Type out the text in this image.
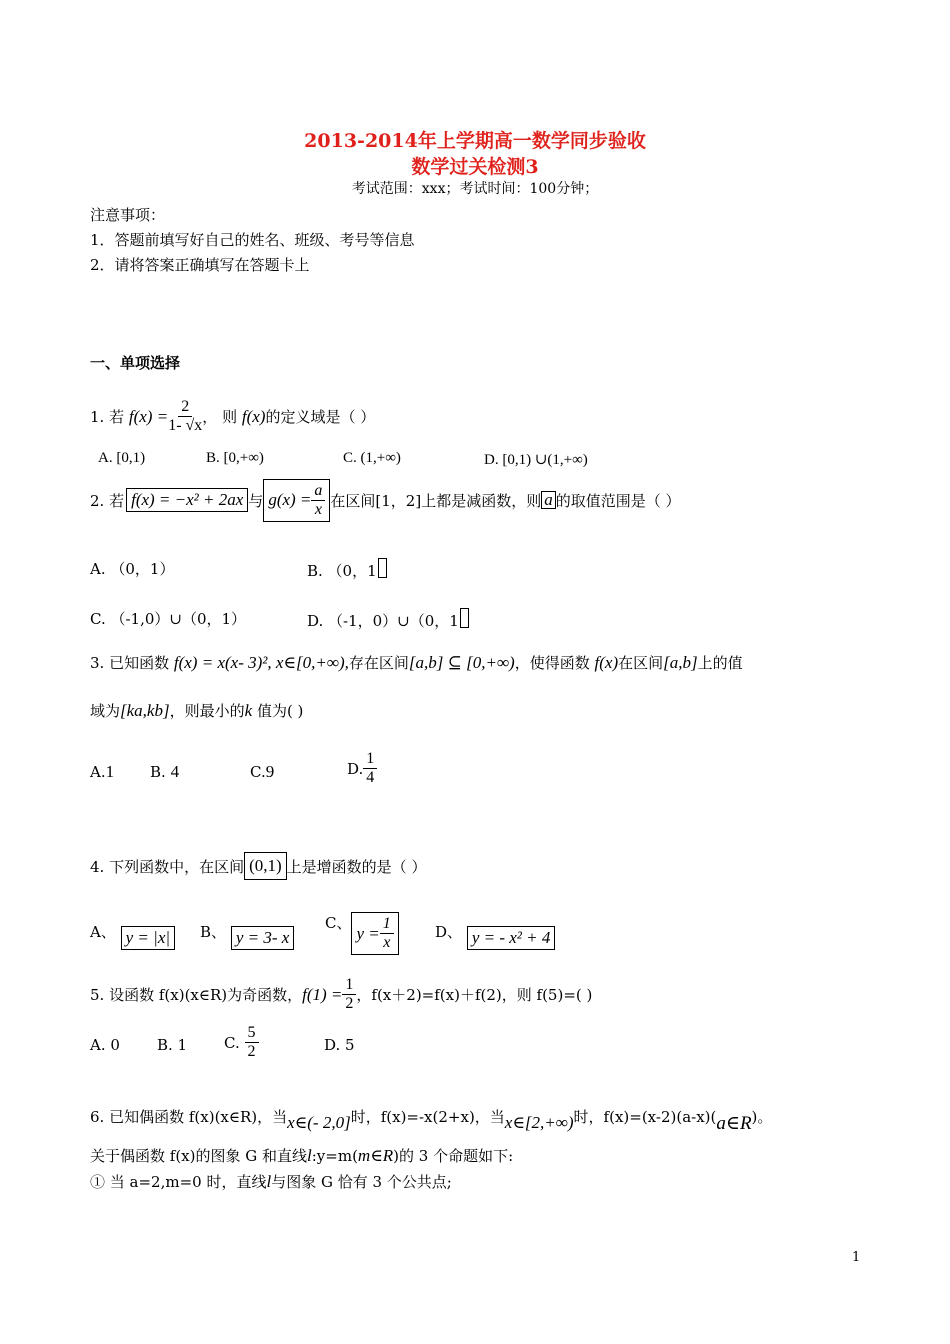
2013-2014年上学期高一数学同步验收
数学过关检测3
考试范围：xxx；考试时间：100分钟；
注意事项：
1．答题前填写好自己的姓名、班级、考号等信息
2．请将答案正确填写在答题卡上
一、单项选择
1. 若
$f(x) = \frac{2}{1- √x}$ ， 则
f(x) 的定义域是（ ）
A. [0,1)	B. [0,+∞)	C. (1,+∞)	D. [0,1) ∪(1,+∞)
2. 若 f(x) = −x² + 2ax 与 $g(x) = \frac{a}{x}$ 在区间[1，2]上都是减函数，则 a 的取值范围是（ ）
A. （0，1）	B. （0，1
C. （-1,0）∪（0，1）	D. （-1，0）∪（0，1
3. 已知函数
f(x) = x(x- 3)², x∈[0,+∞), 存在区间 [a,b] ⊆ [0,+∞) ，使得函数
f(x) 在区间 [a,b] 上的值
域为 [ka,kb] ，则最小的 k
值为( )
A.1 B. 4	C.9	D. $\frac{1}{4}$
4. 下列函数中，在区间 (0,1) 上是增函数的是（ ）
A、
y = |x|	B、
y = 3- x
C、
$y = \frac{1}{x}$	D、
y = - x² + 4
5. 设函数 f(x)(x∈R)为奇函数， $f(1) = \frac{1}{2}$ ，f(x＋2)=f(x)＋f(2)，则 f(5)=( )
A. 0 B. 1 C.
$\frac{5}{2}$	D. 5
6. 已知偶函数 f(x)(x∈R)，当 x∈(- 2,0] 时，f(x)=-x(2+x)，当 x∈[2,+∞) 时，f(x)=(x-2)(a-x)( a∈R )。
关于偶函数 f(x)的图象 G 和直线 l :y=m( m∈R )的 3 个命题如下:
① 当 a=2,m=0 时，直线 l 与图象 G 恰有 3 个公共点;
1
